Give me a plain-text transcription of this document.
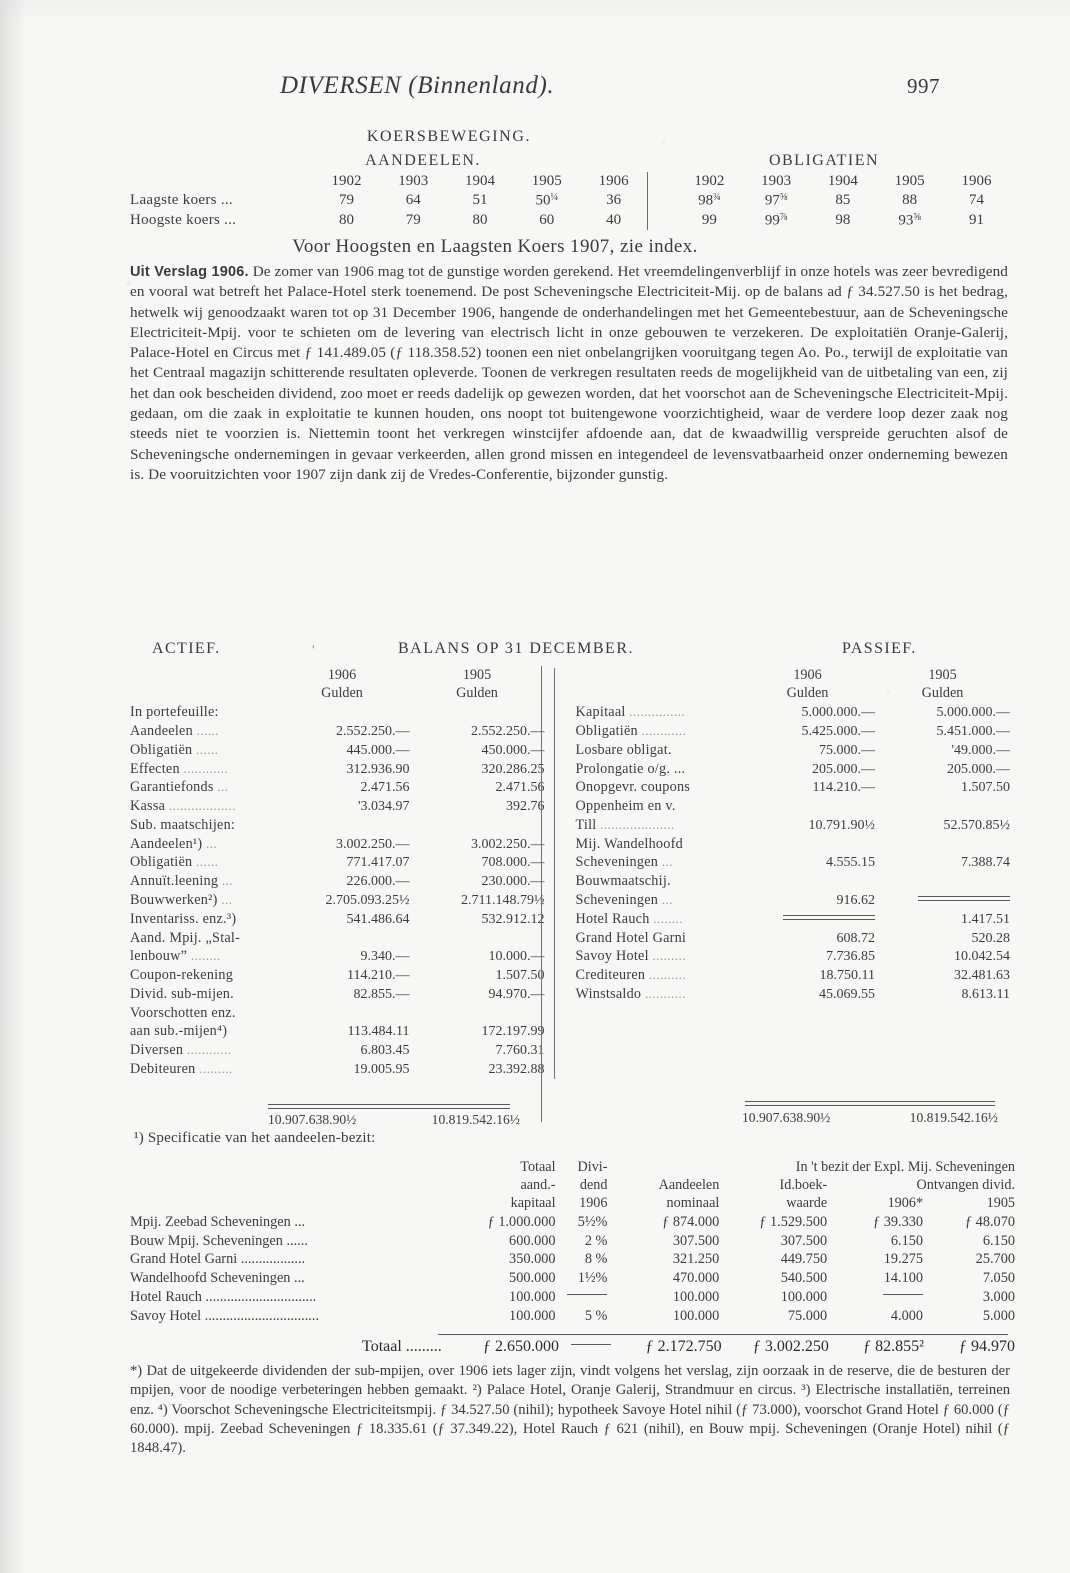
DIVERSEN (Binnenland).	997
KOERSBEWEGING.
AANDEELEN.	OBLIGATIEN
	1902	1903	1904	1905	1906		1902	1903	1904	1905	1906
Laagste koers ...	79	64	51	$50^{\frac{1}{4}}$	36		$98^{\frac{3}{4}}$	$97^{\frac{5}{8}}$	85	88	74
Hoogste koers ...	80	79	80	60	40		99	$99^{\frac{7}{8}}$	98	$93^{\frac{5}{8}}$	91
Voor Hoogsten en Laagsten Koers 1907, zie index.
Uit Verslag 1906. De zomer van 1906 mag tot de gunstige worden gerekend. Het vreemdelingenverblijf in onze hotels was zeer bevredigend en vooral wat betreft het Palace-Hotel sterk toenemend. De post Scheveningsche Electriciteit-Mij. op de balans ad ƒ 34.527.50 is het bedrag, hetwelk wij genoodzaakt waren tot op 31 December 1906, hangende de onderhandelingen met het Gemeentebestuur, aan de Scheveningsche Electriciteit-Mpij. voor te schieten om de levering van electrisch licht in onze gebouwen te verzekeren. De exploitatiën Oranje-Galerij, Palace-Hotel en Circus met ƒ 141.489.05 (ƒ 118.358.52) toonen een niet onbelangrijken vooruitgang tegen Ao. Po., terwijl de exploitatie van het Centraal magazijn schitterende resultaten opleverde. Toonen de verkregen resultaten reeds de mogelijkheid van de uitbetaling van een, zij het dan ook bescheiden dividend, zoo moet er reeds dadelijk op gewezen worden, dat het voorschot aan de Scheveningsche Electriciteit-Mpij. gedaan, om die zaak in exploitatie te kunnen houden, ons noopt tot buitengewone voorzichtigheid, waar de verdere loop dezer zaak nog steeds niet te voorzien is. Niettemin toont het verkregen winstcijfer afdoende aan, dat de kwaadwillig verspreide geruchten alsof de Scheveningsche ondernemingen in gevaar verkeerden, allen grond missen en integendeel de levensvatbaarheid onzer onderneming bewezen is. De vooruitzichten voor 1907 zijn dank zij de Vredes-Conferentie, bijzonder gunstig.
ACTIEF.	'	BALANS OP 31 DECEMBER.	PASSIEF.
	1906	1905
	Gulden	Gulden
In portefeuille:		
Aandeelen ......	2.552.250.—	2.552.250.—
Obligatiën ......	445.000.—	450.000.—
Effecten ............	312.936.90	320.286.25
Garantiefonds ...	2.471.56	2.471.56
Kassa ..................	'3.034.97	392.76
Sub. maatschijen:		
Aandeelen¹) ...	3.002.250.—	3.002.250.—
Obligatiën ......	771.417.07	708.000.—
Annuït.leening ...	226.000.—	230.000.—
Bouwwerken²) ...	2.705.093.25½	2.711.148.79½
Inventariss. enz.³)	541.486.64	532.912.12
Aand. Mpij. „Stal-		
lenbouw” ........	9.340.—	10.000.—
Coupon-rekening	114.210.—	1.507.50
Divid. sub-mijen.	82.855.—	94.970.—
Voorschotten enz.		
aan sub.-mijen⁴)	113.484.11	172.197.99
Diversen ............	6.803.45	7.760.31
Debiteuren .........	19.005.95	23.392.88
	1906	1905
	Gulden	Gulden
Kapitaal ...............	5.000.000.—	5.000.000.—
Obligatiën ............	5.425.000.—	5.451.000.—
Losbare obligat.	75.000.—	'49.000.—
Prolongatie o/g. ...	205.000.—	205.000.—
Onopgevr. coupons	114.210.—	1.507.50
Oppenheim en v.		
Till ....................	10.791.90½	52.570.85½
Mij. Wandelhoofd		
Scheveningen ...	4.555.15	7.388.74
Bouwmaatschij.		
Scheveningen ...	916.62	
Hotel Rauch ........		1.417.51
Grand Hotel Garni	608.72	520.28
Savoy Hotel .........	7.736.85	10.042.54
Crediteuren ..........	18.750.11	32.481.63
Winstsaldo ...........	45.069.55	8.613.11
10.907.638.90½	10.819.542.16½	10.907.638.90½	10.819.542.16½
¹) Specificatie van het aandeelen-bezit:
	Totaal	Divi-	In 't bezit der Expl. Mij. Scheveningen			
	aand.-	dend	Aandeelen	Id.boek-	Ontvangen divid.	
	kapitaal	1906	nominaal	waarde	1906*	1905
Mpij. Zeebad Scheveningen ...	ƒ 1.000.000	5½%	ƒ 874.000	ƒ 1.529.500	ƒ 39.330	ƒ 48.070
Bouw Mpij. Scheveningen ......	600.000	2 %	307.500	307.500	6.150	6.150
Grand Hotel Garni ..................	350.000	8 %	321.250	449.750	19.275	25.700
Wandelhoofd Scheveningen ...	500.000	1½%	470.000	540.500	14.100	7.050
Hotel Rauch ...............................	100.000		100.000	100.000		3.000
Savoy Hotel ................................	100.000	5 %	100.000	75.000	4.000	5.000
Totaal .........	ƒ 2.650.000		ƒ 2.172.750	ƒ 3.002.250	ƒ 82.855²	ƒ 94.970
*) Dat de uitgekeerde dividenden der sub-mpijen, over 1906 iets lager zijn, vindt volgens het verslag, zijn oorzaak in de reserve, die de besturen der mpijen, voor de noodige verbeteringen hebben gemaakt. ²) Palace Hotel, Oranje Galerij, Strandmuur en circus. ³) Electrische installatiën, terreinen enz. ⁴) Voorschot Scheveningsche Electriciteitsmpij. ƒ 34.527.50 (nihil); hypotheek Savoye Hotel nihil (ƒ 73.000), voorschot Grand Hotel ƒ 60.000 (ƒ 60.000). mpij. Zeebad Scheveningen ƒ 18.335.61 (ƒ 37.349.22), Hotel Rauch ƒ 621 (nihil), en Bouw mpij. Scheveningen (Oranje Hotel) nihil (ƒ 1848.47).
